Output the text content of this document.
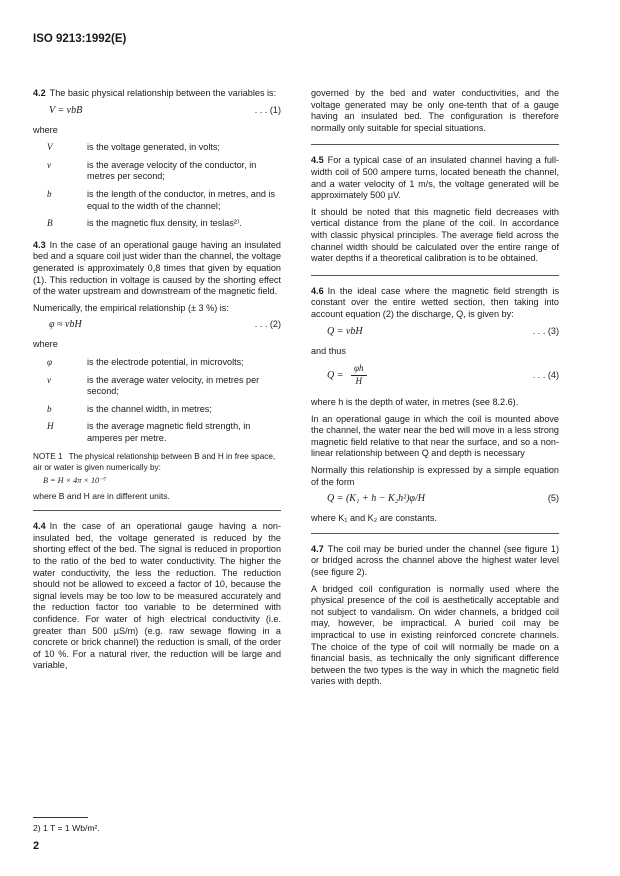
ISO 9213:1992(E)

4.2 The basic physical relationship between the variables is:

V = vbB	. . . (1)
where
V	is the voltage generated, in volts;
v	is the average velocity of the conductor, in metres per second;
b	is the length of the conductor, in metres, and is equal to the width of the channel;
B	is the magnetic flux density, in teslas²⁾.

4.3 In the case of an operational gauge having an insulated bed and a square coil just wider than the channel, the voltage generated is approximately 0,8 times that given by equation (1). This reduction in voltage is caused by the shorting effect of the water upstream and downstream of the magnetic field.

Numerically, the empirical relationship (± 3 %) is:

φ ≈ vbH	. . . (2)
where
φ	is the electrode potential, in microvolts;
v	is the average water velocity, in metres per second;
b	is the channel width, in metres;
H	is the average magnetic field strength, in amperes per metre.
NOTE 1 The physical relationship between B and H in free space, air or water is given numerically by:
B = H × 4π × 10⁻⁷

where B and H are in different units.

4.4 In the case of an operational gauge having a non-insulated bed, the voltage generated is reduced by the shorting effect of the bed. The signal is reduced in proportion to the ratio of the bed to water conductivity. The higher the water conductivity, the less the reduction. The reduction should not be allowed to exceed a factor of 10, because the signal levels may be too low to be measured accurately and the reduction factor too variable to be determined with confidence. For water of high electrical conductivity (i.e. greater than 500 µS/m) (e.g. raw sewage flowing in a concrete or brick channel) the reduction is small, of the order of 10 %. For a natural river, the reduction will be large and variable,

governed by the bed and water conductivities, and the voltage generated may be only one-tenth that of a gauge having an insulated bed. The configuration is therefore normally only suitable for special situations.

4.5 For a typical case of an insulated channel having a full-width coil of 500 ampere turns, located beneath the channel, and a water velocity of 1 m/s, the voltage generated will be approximately 500 µV.

It should be noted that this magnetic field decreases with vertical distance from the plane of the coil. In accordance with classic physical principles. The average field across the channel width should be calculated over the entire range of water depths if a theoretical calibration is to be obtained.

4.6 In the ideal case where the magnetic field strength is constant over the entire wetted section, then taking into account equation (2) the discharge, Q, is given by:

Q = vbH	. . . (3)
and thus
$Q = \frac{\varphi h}{H}$	. . . (4)

where h is the depth of water, in metres (see 8.2.6).

In an operational gauge in which the coil is mounted above the channel, the water near the bed will move in a less strong magnetic field relative to that near the surface, and so a non-linear relationship between Q and depth is necessary

Normally this relationship is expressed by a simple equation of the form

Q = (K₁ + h − K₂h²)φ/H	(5)

where K₁ and K₂ are constants.

4.7 The coil may be buried under the channel (see figure 1) or bridged across the channel above the highest water level (see figure 2).

A bridged coil configuration is normally used where the physical presence of the coil is aesthetically acceptable and not subject to vandalism. On wider channels, a bridged coil may, however, be impractical. A buried coil may be impractical to use in existing reinforced concrete channels. The choice of the type of coil will normally be made on a financial basis, as technically the only significant difference between the two types is the way in which the magnetic field varies with depth.

2) 1 T = 1 Wb/m².
2
